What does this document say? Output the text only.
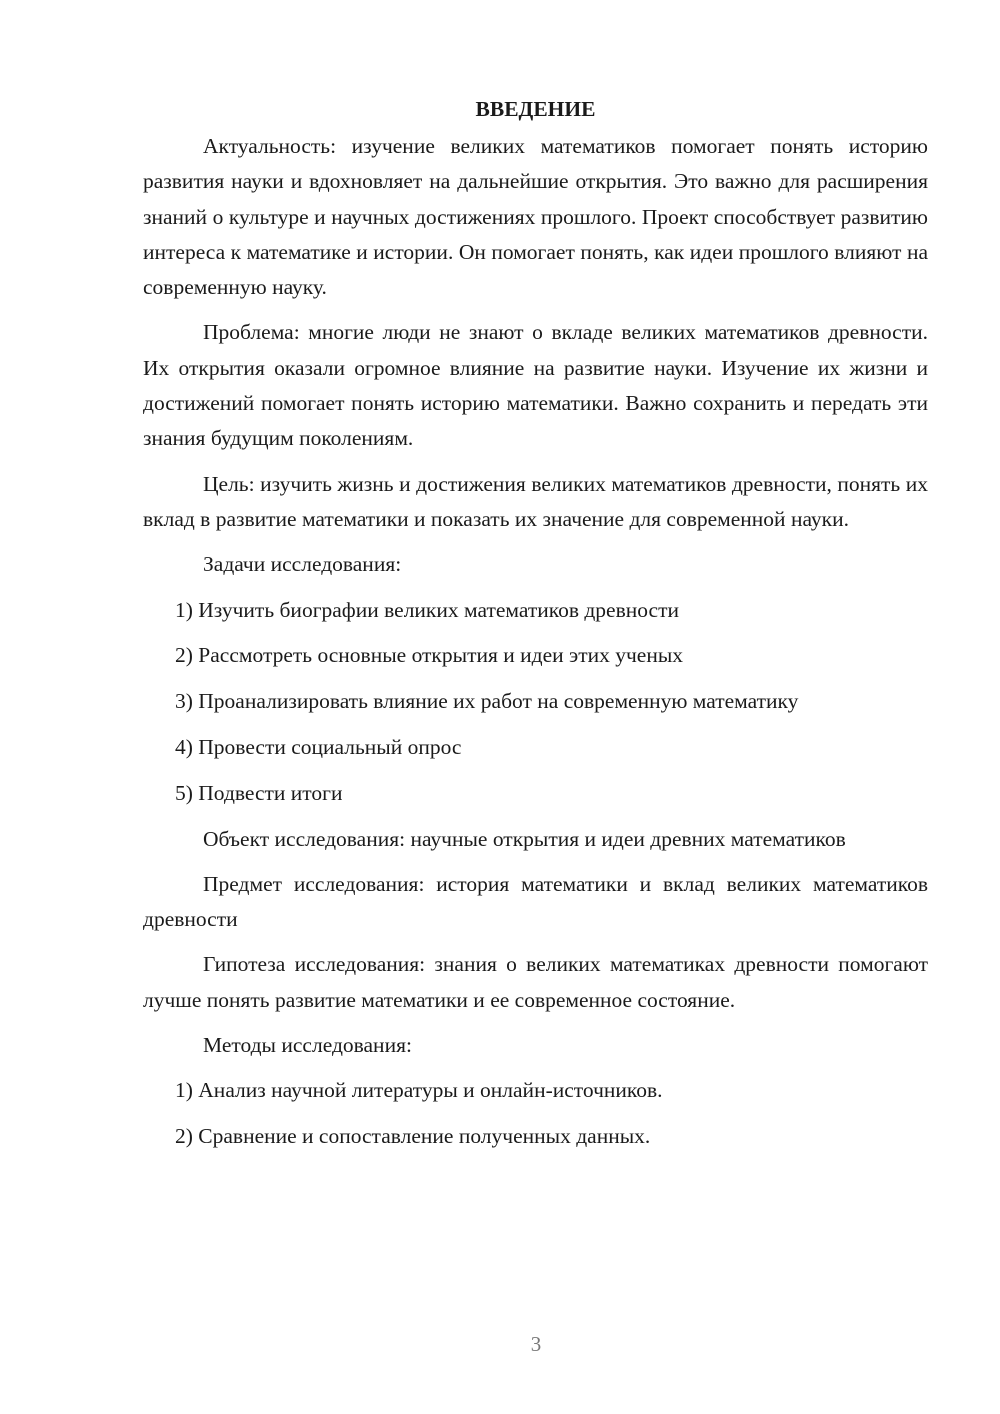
ВВЕДЕНИЕ

Актуальность: изучение великих математиков помогает понять историю развития науки и вдохновляет на дальнейшие открытия. Это важно для расширения знаний о культуре и научных достижениях прошлого. Проект способствует развитию интереса к математике и истории. Он помогает понять, как идеи прошлого влияют на современную науку.

Проблема: многие люди не знают о вкладе великих математиков древности. Их открытия оказали огромное влияние на развитие науки. Изучение их жизни и достижений помогает понять историю математики. Важно сохранить и передать эти знания будущим поколениям.

Цель: изучить жизнь и достижения великих математиков древности, понять их вклад в развитие математики и показать их значение для современной науки.

Задачи исследования:

1) Изучить биографии великих математиков древности
2) Рассмотреть основные открытия и идеи этих ученых
3) Проанализировать влияние их работ на современную математику
4) Провести социальный опрос
5) Подвести итоги

Объект исследования: научные открытия и идеи древних математиков

Предмет исследования: история математики и вклад великих математиков древности

Гипотеза исследования: знания о великих математиках древности помогают лучше понять развитие математики и ее современное состояние.

Методы исследования:

1) Анализ научной литературы и онлайн-источников.
2) Сравнение и сопоставление полученных данных.
3
